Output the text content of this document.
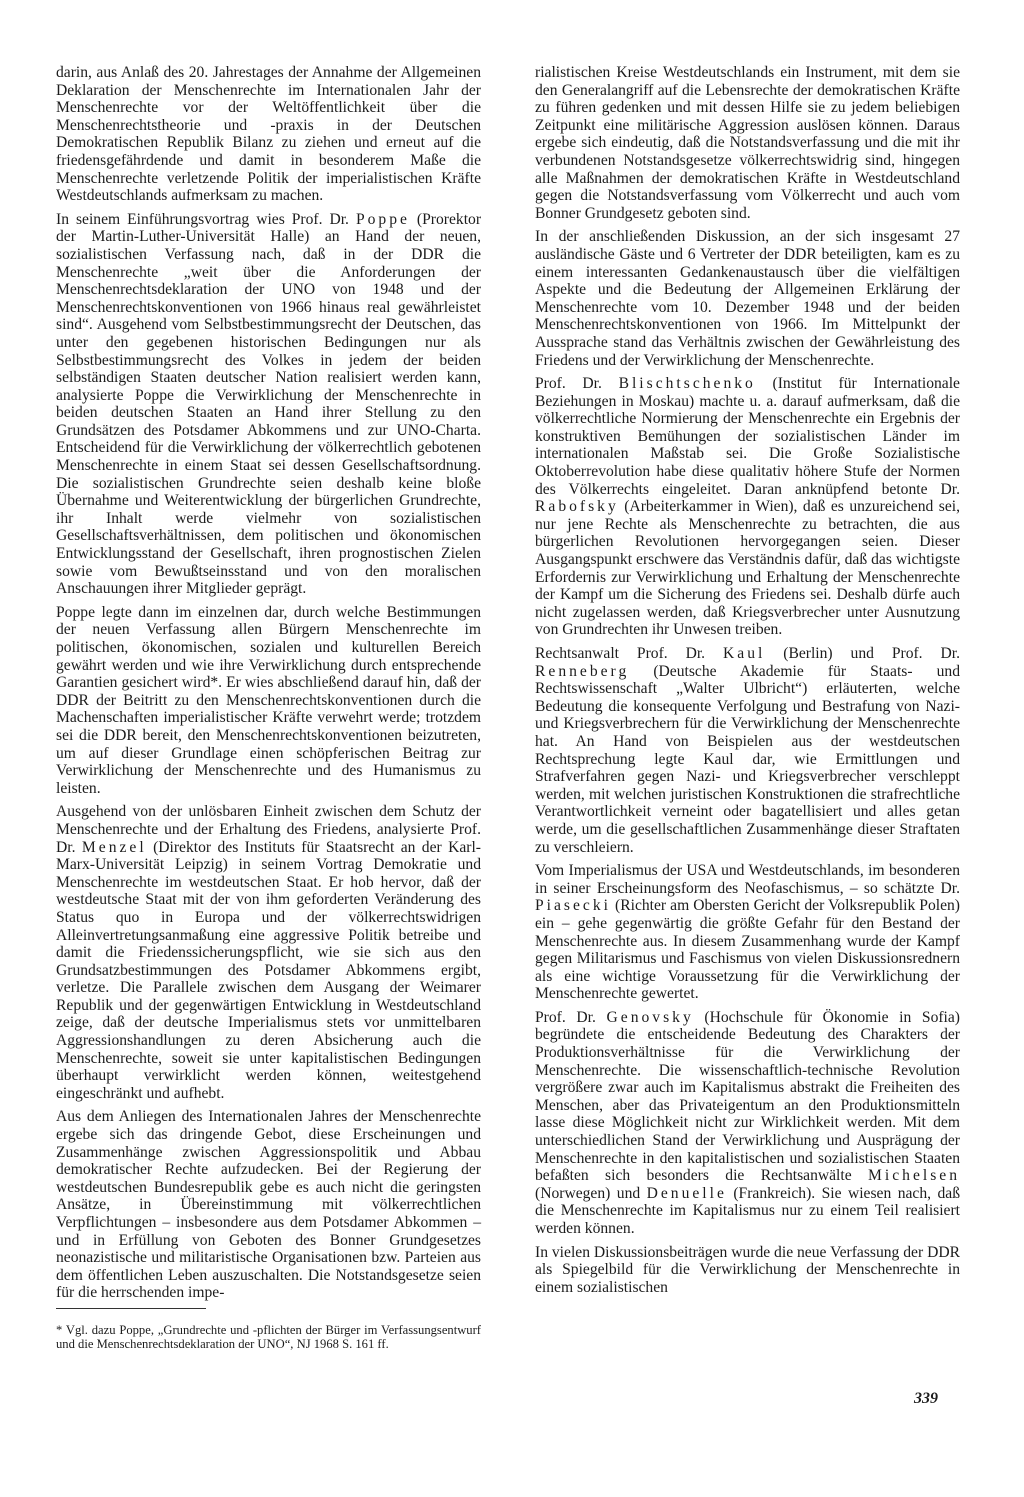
darin, aus Anlaß des 20. Jahrestages der Annahme der Allgemeinen Deklaration der Menschenrechte im Internationalen Jahr der Menschenrechte vor der Weltöffentlichkeit über die Menschenrechtstheorie und -praxis in der Deutschen Demokratischen Republik Bilanz zu ziehen und erneut auf die friedensgefährdende und damit in besonderem Maße die Menschenrechte verletzende Politik der imperialistischen Kräfte Westdeutschlands aufmerksam zu machen.

In seinem Einführungsvortrag wies Prof. Dr. Poppe (Prorektor der Martin-Luther-Universität Halle) an Hand der neuen, sozialistischen Verfassung nach, daß in der DDR die Menschenrechte „weit über die Anforderungen der Menschenrechtsdeklaration der UNO von 1948 und der Menschenrechtskonventionen von 1966 hinaus real gewährleistet sind“. Ausgehend vom Selbstbestimmungsrecht der Deutschen, das unter den gegebenen historischen Bedingungen nur als Selbstbestimmungsrecht des Volkes in jedem der beiden selbständigen Staaten deutscher Nation realisiert werden kann, analysierte Poppe die Verwirklichung der Menschenrechte in beiden deutschen Staaten an Hand ihrer Stellung zu den Grundsätzen des Potsdamer Abkommens und zur UNO-Charta. Entscheidend für die Verwirklichung der völkerrechtlich gebotenen Menschenrechte in einem Staat sei dessen Gesellschaftsordnung. Die sozialistischen Grundrechte seien deshalb keine bloße Übernahme und Weiterentwicklung der bürgerlichen Grundrechte, ihr Inhalt werde vielmehr von sozialistischen Gesellschaftsverhältnissen, dem politischen und ökonomischen Entwicklungsstand der Gesellschaft, ihren prognostischen Zielen sowie vom Bewußtseinsstand und von den moralischen Anschauungen ihrer Mitglieder geprägt.

Poppe legte dann im einzelnen dar, durch welche Bestimmungen der neuen Verfassung allen Bürgern Menschenrechte im politischen, ökonomischen, sozialen und kulturellen Bereich gewährt werden und wie ihre Verwirklichung durch entsprechende Garantien gesichert wird*. Er wies abschließend darauf hin, daß der DDR der Beitritt zu den Menschenrechtskonventionen durch die Machenschaften imperialistischer Kräfte verwehrt werde; trotzdem sei die DDR bereit, den Menschenrechtskonventionen beizutreten, um auf dieser Grundlage einen schöpferischen Beitrag zur Verwirklichung der Menschenrechte und des Humanismus zu leisten.

Ausgehend von der unlösbaren Einheit zwischen dem Schutz der Menschenrechte und der Erhaltung des Friedens, analysierte Prof. Dr. Menzel (Direktor des Instituts für Staatsrecht an der Karl-Marx-Universität Leipzig) in seinem Vortrag Demokratie und Menschenrechte im westdeutschen Staat. Er hob hervor, daß der westdeutsche Staat mit der von ihm geforderten Veränderung des Status quo in Europa und der völkerrechtswidrigen Alleinvertretungsanmaßung eine aggressive Politik betreibe und damit die Friedenssicherungspflicht, wie sie sich aus den Grundsatzbestimmungen des Potsdamer Abkommens ergibt, verletze. Die Parallele zwischen dem Ausgang der Weimarer Republik und der gegenwärtigen Entwicklung in Westdeutschland zeige, daß der deutsche Imperialismus stets vor unmittelbaren Aggressionshandlungen zu deren Absicherung auch die Menschenrechte, soweit sie unter kapitalistischen Bedingungen überhaupt verwirklicht werden können, weitestgehend eingeschränkt und aufhebt.

Aus dem Anliegen des Internationalen Jahres der Menschenrechte ergebe sich das dringende Gebot, diese Erscheinungen und Zusammenhänge zwischen Aggressionspolitik und Abbau demokratischer Rechte aufzudecken. Bei der Regierung der westdeutschen Bundesrepublik gebe es auch nicht die geringsten Ansätze, in Übereinstimmung mit völkerrechtlichen Verpflichtungen – insbesondere aus dem Potsdamer Abkommen – und in Erfüllung von Geboten des Bonner Grundgesetzes neonazistische und militaristische Organisationen bzw. Parteien aus dem öffentlichen Leben auszuschalten. Die Notstandsgesetze seien für die herrschenden impe-

* Vgl. dazu Poppe, „Grundrechte und -pflichten der Bürger im Verfassungsentwurf und die Menschenrechtsdeklaration der UNO“, NJ 1968 S. 161 ff.

rialistischen Kreise Westdeutschlands ein Instrument, mit dem sie den Generalangriff auf die Lebensrechte der demokratischen Kräfte zu führen gedenken und mit dessen Hilfe sie zu jedem beliebigen Zeitpunkt eine militärische Aggression auslösen können. Daraus ergebe sich eindeutig, daß die Notstandsverfassung und die mit ihr verbundenen Notstandsgesetze völkerrechtswidrig sind, hingegen alle Maßnahmen der demokratischen Kräfte in Westdeutschland gegen die Notstandsverfassung vom Völkerrecht und auch vom Bonner Grundgesetz geboten sind.

In der anschließenden Diskussion, an der sich insgesamt 27 ausländische Gäste und 6 Vertreter der DDR beteiligten, kam es zu einem interessanten Gedankenaustausch über die vielfältigen Aspekte und die Bedeutung der Allgemeinen Erklärung der Menschenrechte vom 10. Dezember 1948 und der beiden Menschenrechtskonventionen von 1966. Im Mittelpunkt der Aussprache stand das Verhältnis zwischen der Gewährleistung des Friedens und der Verwirklichung der Menschenrechte.

Prof. Dr. Blischtschenko (Institut für Internationale Beziehungen in Moskau) machte u. a. darauf aufmerksam, daß die völkerrechtliche Normierung der Menschenrechte ein Ergebnis der konstruktiven Bemühungen der sozialistischen Länder im internationalen Maßstab sei. Die Große Sozialistische Oktoberrevolution habe diese qualitativ höhere Stufe der Normen des Völkerrechts eingeleitet. Daran anknüpfend betonte Dr. Rabofsky (Arbeiterkammer in Wien), daß es unzureichend sei, nur jene Rechte als Menschenrechte zu betrachten, die aus bürgerlichen Revolutionen hervorgegangen seien. Dieser Ausgangspunkt erschwere das Verständnis dafür, daß das wichtigste Erfordernis zur Verwirklichung und Erhaltung der Menschenrechte der Kampf um die Sicherung des Friedens sei. Deshalb dürfe auch nicht zugelassen werden, daß Kriegsverbrecher unter Ausnutzung von Grundrechten ihr Unwesen treiben.

Rechtsanwalt Prof. Dr. Kaul (Berlin) und Prof. Dr. Renneberg (Deutsche Akademie für Staats- und Rechtswissenschaft „Walter Ulbricht“) erläuterten, welche Bedeutung die konsequente Verfolgung und Bestrafung von Nazi- und Kriegsverbrechern für die Verwirklichung der Menschenrechte hat. An Hand von Beispielen aus der westdeutschen Rechtsprechung legte Kaul dar, wie Ermittlungen und Strafverfahren gegen Nazi- und Kriegsverbrecher verschleppt werden, mit welchen juristischen Konstruktionen die strafrechtliche Verantwortlichkeit verneint oder bagatellisiert und alles getan werde, um die gesellschaftlichen Zusammenhänge dieser Straftaten zu verschleiern.

Vom Imperialismus der USA und Westdeutschlands, im besonderen in seiner Erscheinungsform des Neofaschismus, – so schätzte Dr. Piasecki (Richter am Obersten Gericht der Volksrepublik Polen) ein – gehe gegenwärtig die größte Gefahr für den Bestand der Menschenrechte aus. In diesem Zusammenhang wurde der Kampf gegen Militarismus und Faschismus von vielen Diskussionsrednern als eine wichtige Voraussetzung für die Verwirklichung der Menschenrechte gewertet.

Prof. Dr. Genovsky (Hochschule für Ökonomie in Sofia) begründete die entscheidende Bedeutung des Charakters der Produktionsverhältnisse für die Verwirklichung der Menschenrechte. Die wissenschaftlich-technische Revolution vergrößere zwar auch im Kapitalismus abstrakt die Freiheiten des Menschen, aber das Privateigentum an den Produktionsmitteln lasse diese Möglichkeit nicht zur Wirklichkeit werden. Mit dem unterschiedlichen Stand der Verwirklichung und Ausprägung der Menschenrechte in den kapitalistischen und sozialistischen Staaten befaßten sich besonders die Rechtsanwälte Michelsen (Norwegen) und Denuelle (Frankreich). Sie wiesen nach, daß die Menschenrechte im Kapitalismus nur zu einem Teil realisiert werden können.

In vielen Diskussionsbeiträgen wurde die neue Verfassung der DDR als Spiegelbild für die Verwirklichung der Menschenrechte in einem sozialistischen

339
